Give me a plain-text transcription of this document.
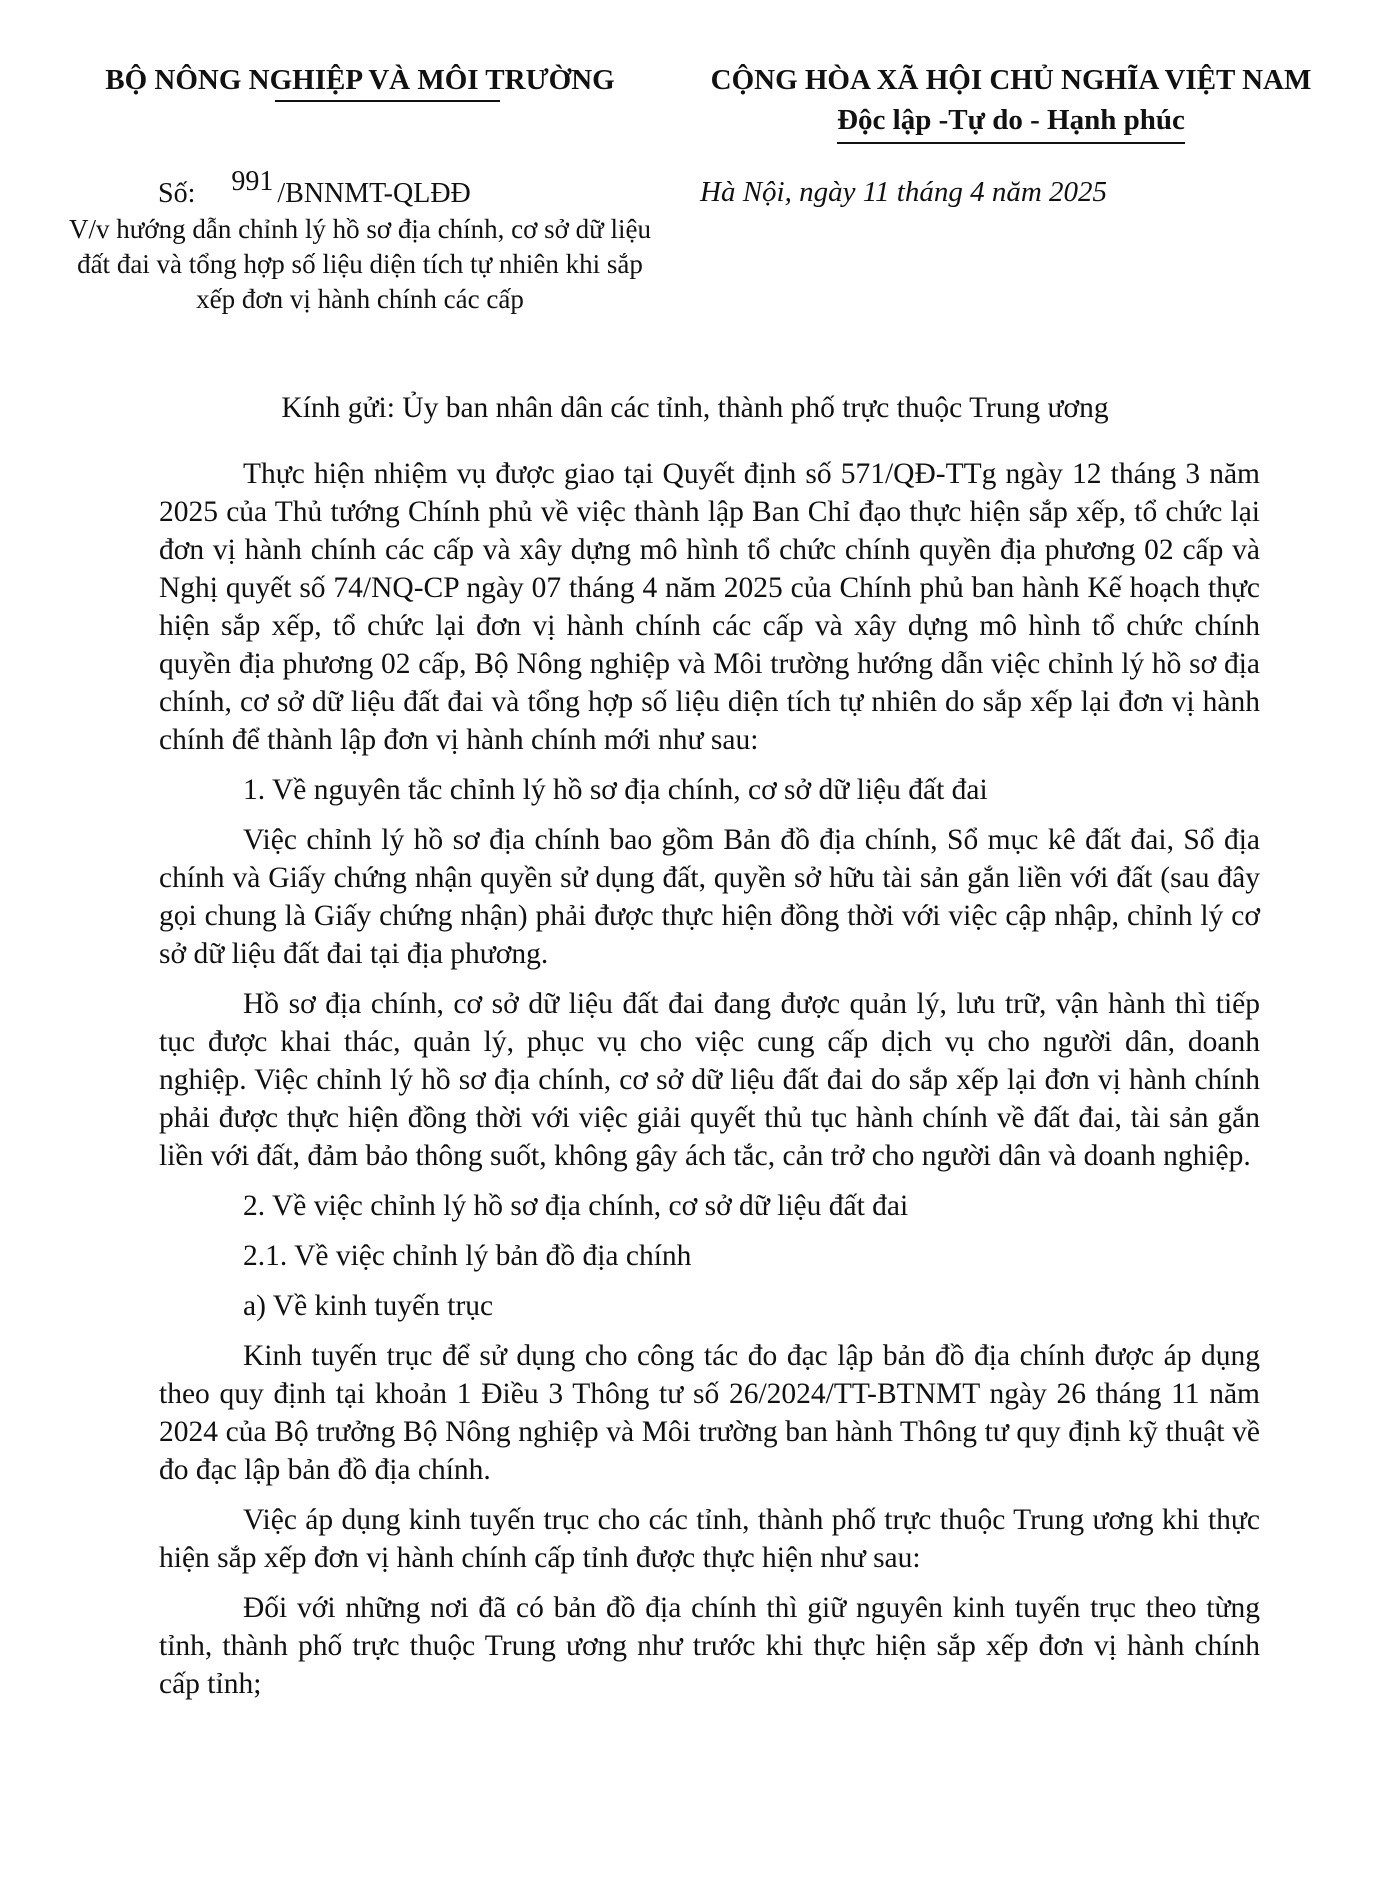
BỘ NÔNG NGHIỆP VÀ MÔI TRƯỜNG	CỘNG HÒA XÃ HỘI CHỦ NGHĨA VIỆT NAM
Độc lập -Tự do - Hạnh phúc
Số: 991 /BNNMT-QLĐĐ
V/v hướng dẫn chỉnh lý hồ sơ địa chính, cơ sở dữ liệu đất đai và tổng hợp số liệu diện tích tự nhiên khi sắp xếp đơn vị hành chính các cấp
Hà Nội, ngày 11 tháng 4 năm 2025
Kính gửi: Ủy ban nhân dân các tỉnh, thành phố trực thuộc Trung ương

Thực hiện nhiệm vụ được giao tại Quyết định số 571/QĐ-TTg ngày 12 tháng 3 năm 2025 của Thủ tướng Chính phủ về việc thành lập Ban Chỉ đạo thực hiện sắp xếp, tổ chức lại đơn vị hành chính các cấp và xây dựng mô hình tổ chức chính quyền địa phương 02 cấp và Nghị quyết số 74/NQ-CP ngày 07 tháng 4 năm 2025 của Chính phủ ban hành Kế hoạch thực hiện sắp xếp, tổ chức lại đơn vị hành chính các cấp và xây dựng mô hình tổ chức chính quyền địa phương 02 cấp, Bộ Nông nghiệp và Môi trường hướng dẫn việc chỉnh lý hồ sơ địa chính, cơ sở dữ liệu đất đai và tổng hợp số liệu diện tích tự nhiên do sắp xếp lại đơn vị hành chính để thành lập đơn vị hành chính mới như sau:

1. Về nguyên tắc chỉnh lý hồ sơ địa chính, cơ sở dữ liệu đất đai

Việc chỉnh lý hồ sơ địa chính bao gồm Bản đồ địa chính, Sổ mục kê đất đai, Sổ địa chính và Giấy chứng nhận quyền sử dụng đất, quyền sở hữu tài sản gắn liền với đất (sau đây gọi chung là Giấy chứng nhận) phải được thực hiện đồng thời với việc cập nhập, chỉnh lý cơ sở dữ liệu đất đai tại địa phương.

Hồ sơ địa chính, cơ sở dữ liệu đất đai đang được quản lý, lưu trữ, vận hành thì tiếp tục được khai thác, quản lý, phục vụ cho việc cung cấp dịch vụ cho người dân, doanh nghiệp. Việc chỉnh lý hồ sơ địa chính, cơ sở dữ liệu đất đai do sắp xếp lại đơn vị hành chính phải được thực hiện đồng thời với việc giải quyết thủ tục hành chính về đất đai, tài sản gắn liền với đất, đảm bảo thông suốt, không gây ách tắc, cản trở cho người dân và doanh nghiệp.

2. Về việc chỉnh lý hồ sơ địa chính, cơ sở dữ liệu đất đai

2.1. Về việc chỉnh lý bản đồ địa chính

a) Về kinh tuyến trục

Kinh tuyến trục để sử dụng cho công tác đo đạc lập bản đồ địa chính được áp dụng theo quy định tại khoản 1 Điều 3 Thông tư số 26/2024/TT-BTNMT ngày 26 tháng 11 năm 2024 của Bộ trưởng Bộ Nông nghiệp và Môi trường ban hành Thông tư quy định kỹ thuật về đo đạc lập bản đồ địa chính.

Việc áp dụng kinh tuyến trục cho các tỉnh, thành phố trực thuộc Trung ương khi thực hiện sắp xếp đơn vị hành chính cấp tỉnh được thực hiện như sau:

Đối với những nơi đã có bản đồ địa chính thì giữ nguyên kinh tuyến trục theo từng tỉnh, thành phố trực thuộc Trung ương như trước khi thực hiện sắp xếp đơn vị hành chính cấp tỉnh;
